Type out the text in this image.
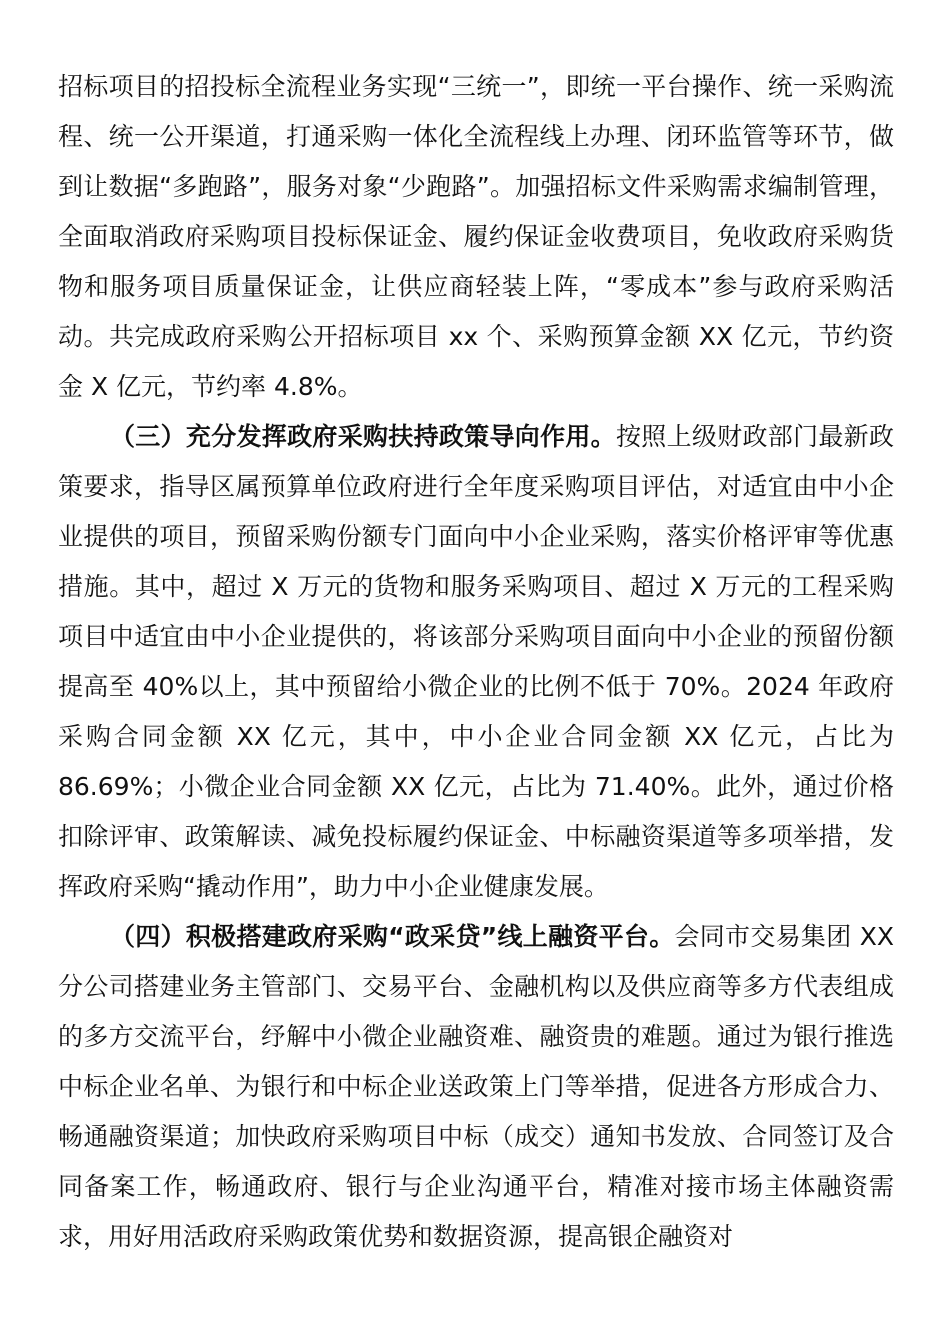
招标项目的招投标全流程业务实现“三统一”，即统一平台操作、统一采购流程、统一公开渠道，打通采购一体化全流程线上办理、闭环监管等环节，做到让数据“多跑路”，服务对象“少跑路”。加强招标文件采购需求编制管理，全面取消政府采购项目投标保证金、履约保证金收费项目，免收政府采购货物和服务项目质量保证金，让供应商轻装上阵，“零成本”参与政府采购活动。共完成政府采购公开招标项目 xx 个、采购预算金额 XX 亿元，节约资金 X 亿元，节约率 4.8%。

（三）充分发挥政府采购扶持政策导向作用。按照上级财政部门最新政策要求，指导区属预算单位政府进行全年度采购项目评估，对适宜由中小企业提供的项目，预留采购份额专门面向中小企业采购，落实价格评审等优惠措施。其中，超过 X 万元的货物和服务采购项目、超过 X 万元的工程采购项目中适宜由中小企业提供的，将该部分采购项目面向中小企业的预留份额提高至 40%以上，其中预留给小微企业的比例不低于 70%。2024 年政府采购合同金额 XX 亿元，其中，中小企业合同金额 XX 亿元，占比为 86.69%；小微企业合同金额 XX 亿元，占比为 71.40%。此外，通过价格扣除评审、政策解读、减免投标履约保证金、中标融资渠道等多项举措，发挥政府采购“撬动作用”，助力中小企业健康发展。

（四）积极搭建政府采购“政采贷”线上融资平台。会同市交易集团 XX 分公司搭建业务主管部门、交易平台、金融机构以及供应商等多方代表组成的多方交流平台，纾解中小微企业融资难、融资贵的难题。通过为银行推选中标企业名单、为银行和中标企业送政策上门等举措，促进各方形成合力、畅通融资渠道；加快政府采购项目中标（成交）通知书发放、合同签订及合同备案工作，畅通政府、银行与企业沟通平台，精准对接市场主体融资需求，用好用活政府采购政策优势和数据资源，提高银企融资对
